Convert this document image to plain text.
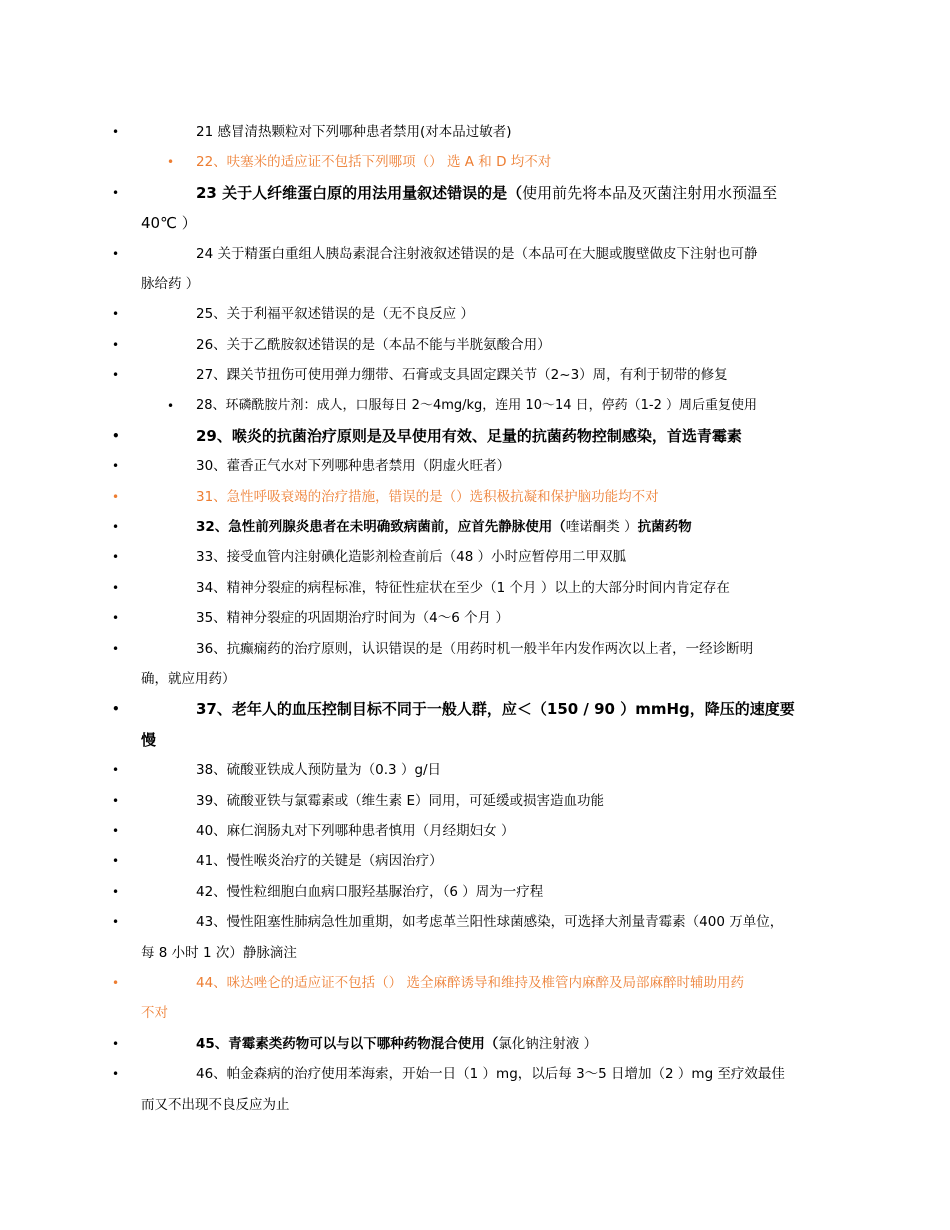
•	21 感冒清热颗粒对下列哪种患者禁用(对本品过敏者)
• 22、呋塞米的适应证不包括下列哪项（） 选 A 和 D 均不对
•	23 关于人纤维蛋白原的用法用量叙述错误的是（使用前先将本品及灭菌注射用水预温至
40℃ ）
•	24 关于精蛋白重组人胰岛素混合注射液叙述错误的是（本品可在大腿或腹壁做皮下注射也可静
脉给药 ）
•	25、关于利福平叙述错误的是（无不良反应 ）
•	26、关于乙酰胺叙述错误的是（本品不能与半胱氨酸合用）
•	27、踝关节扭伤可使用弹力绷带、石膏或支具固定踝关节（2~3）周，有利于韧带的修复
• 28、环磷酰胺片剂：成人，口服每日 2～4mg/kg，连用 10～14 日，停药（1-2 ）周后重复使用
•	29、喉炎的抗菌治疗原则是及早使用有效、足量的抗菌药物控制感染，首选青霉素
•	30、藿香正气水对下列哪种患者禁用（阴虚火旺者）
•	31、急性呼吸衰竭的治疗措施，错误的是（）选积极抗凝和保护脑功能均不对
•	32、急性前列腺炎患者在未明确致病菌前，应首先静脉使用（喹诺酮类 ）抗菌药物
•	33、接受血管内注射碘化造影剂检查前后（48 ）小时应暂停用二甲双胍
•	34、精神分裂症的病程标准，特征性症状在至少（1 个月 ）以上的大部分时间内肯定存在
•	35、精神分裂症的巩固期治疗时间为（4～6 个月 ）
•	36、抗癫痫药的治疗原则，认识错误的是（用药时机一般半年内发作两次以上者，一经诊断明
确，就应用药）
•	37、老年人的血压控制目标不同于一般人群，应＜（150 / 90 ）mmHg，降压的速度要
慢
•	38、硫酸亚铁成人预防量为（0.3 ）g/日
•	39、硫酸亚铁与氯霉素或（维生素 E）同用，可延缓或损害造血功能
•	40、麻仁润肠丸对下列哪种患者慎用（月经期妇女 ）
•	41、慢性喉炎治疗的关键是（病因治疗）
•	42、慢性粒细胞白血病口服羟基脲治疗，（6 ）周为一疗程
•	43、慢性阻塞性肺病急性加重期，如考虑革兰阳性球菌感染，可选择大剂量青霉素（400 万单位，
每 8 小时 1 次）静脉滴注
•	44、咪达唑仑的适应证不包括（） 选全麻醉诱导和维持及椎管内麻醉及局部麻醉时辅助用药
不对
•	45、青霉素类药物可以与以下哪种药物混合使用（氯化钠注射液 ）
•	46、帕金森病的治疗使用苯海索，开始一日（1 ）mg，以后每 3～5 日增加（2 ）mg 至疗效最佳
而又不出现不良反应为止
